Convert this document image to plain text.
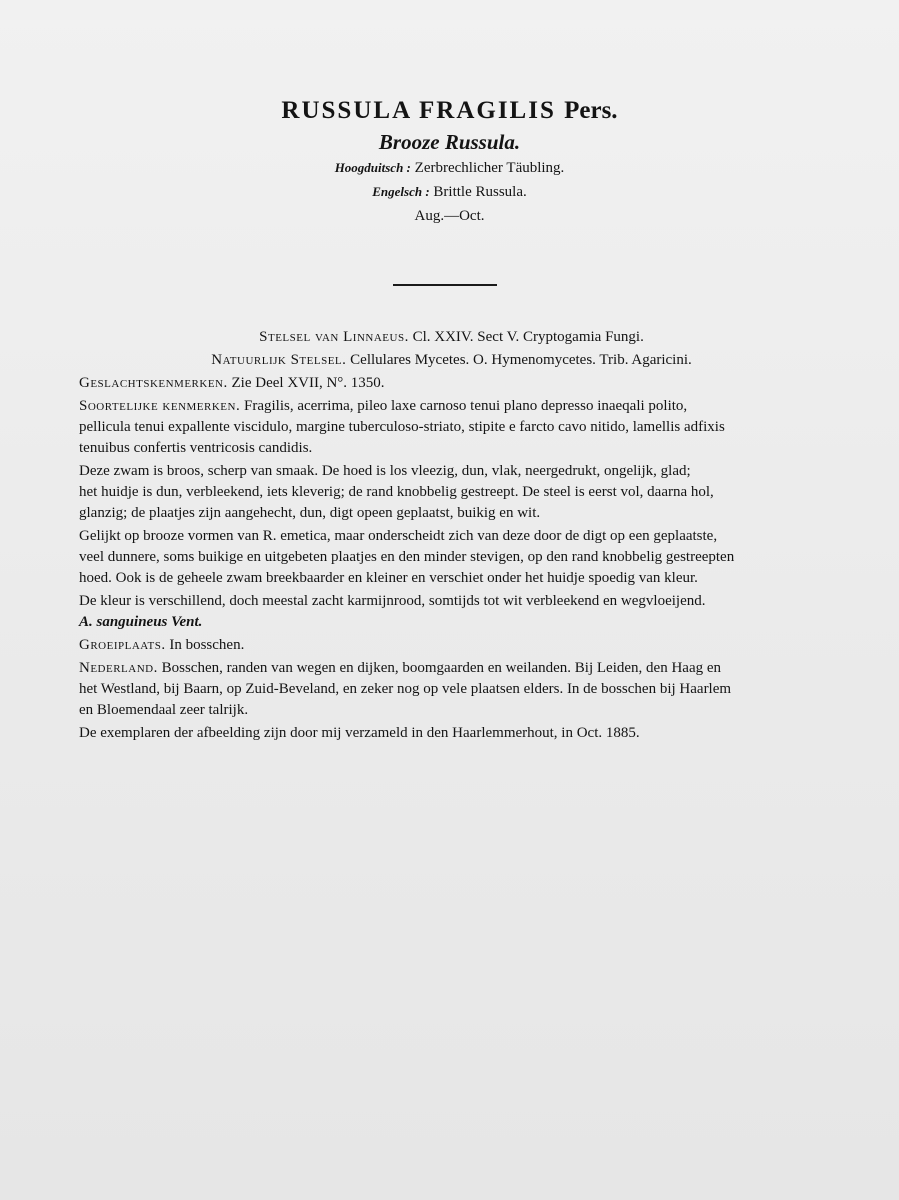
RUSSULA FRAGILIS Pers.
Brooze Russula.
Hoogduitsch : Zerbrechlicher Täubling.
Engelsch : Brittle Russula.
Aug.—Oct.
Stelsel van Linnaeus. Cl. XXIV. Sect V. Cryptogamia Fungi.
Natuurlijk Stelsel. Cellulares Mycetes. O. Hymenomycetes. Trib. Agaricini.
Geslachtskenmerken. Zie Deel XVII, N°. 1350.
Soortelijke kenmerken. Fragilis, acerrima, pileo laxe carnoso tenui plano depresso inaeqali polito,
pellicula tenui expallente viscidulo, margine tuberculoso-striato, stipite e farcto cavo nitido, lamellis adfixis
tenuibus confertis ventricosis candidis.
Deze zwam is broos, scherp van smaak. De hoed is los vleezig, dun, vlak, neergedrukt, ongelijk, glad;
het huidje is dun, verbleekend, iets kleverig; de rand knobbelig gestreept. De steel is eerst vol, daarna hol,
glanzig; de plaatjes zijn aangehecht, dun, digt opeen geplaatst, buikig en wit.
Gelijkt op brooze vormen van R. emetica, maar onderscheidt zich van deze door de digt op een geplaatste,
veel dunnere, soms buikige en uitgebeten plaatjes en den minder stevigen, op den rand knobbelig gestreepten
hoed. Ook is de geheele zwam breekbaarder en kleiner en verschiet onder het huidje spoedig van kleur.
De kleur is verschillend, doch meestal zacht karmijnrood, somtijds tot wit verbleekend en wegvloeijend.
A. sanguineus Vent.
Groeiplaats. In bosschen.
Nederland. Bosschen, randen van wegen en dijken, boomgaarden en weilanden. Bij Leiden, den Haag en
het Westland, bij Baarn, op Zuid-Beveland, en zeker nog op vele plaatsen elders. In de bosschen bij Haarlem
en Bloemendaal zeer talrijk.
De exemplaren der afbeelding zijn door mij verzameld in den Haarlemmerhout, in Oct. 1885.
